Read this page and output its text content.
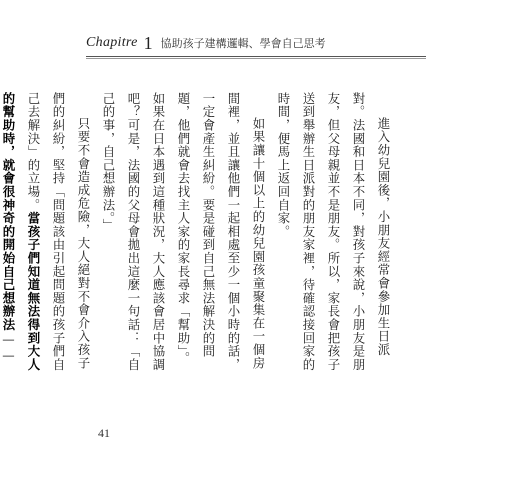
Chapitre 1 協助孩子建構邏輯、學會自己思考

進入幼兒園後，小朋友經常會參加生日派對。法國和日本不同，對孩子來說，小朋友是朋友，但父母親並不是朋友。所以，家長會把孩子送到舉辦生日派對的朋友家裡，待確認接回家的時間，便馬上返回自家。

如果讓十個以上的幼兒園孩童聚集在一個房間裡，並且讓他們一起相處至少一個小時的話，一定會產生糾紛。要是碰到自己無法解決的問題，他們就會去找主人家的家長尋求「幫助」。如果在日本遇到這種狀況，大人應該會居中協調吧？可是，法國的父母會拋出這麼一句話：「自己的事，自己想辦法。」

只要不會造成危險，大人絕對不會介入孩子們的糾紛，堅持「問題該由引起問題的孩子們自己去解決」的立場。當孩子們知道無法得到大人的幫助時，就會很神奇的開始自己想辦法——

41
